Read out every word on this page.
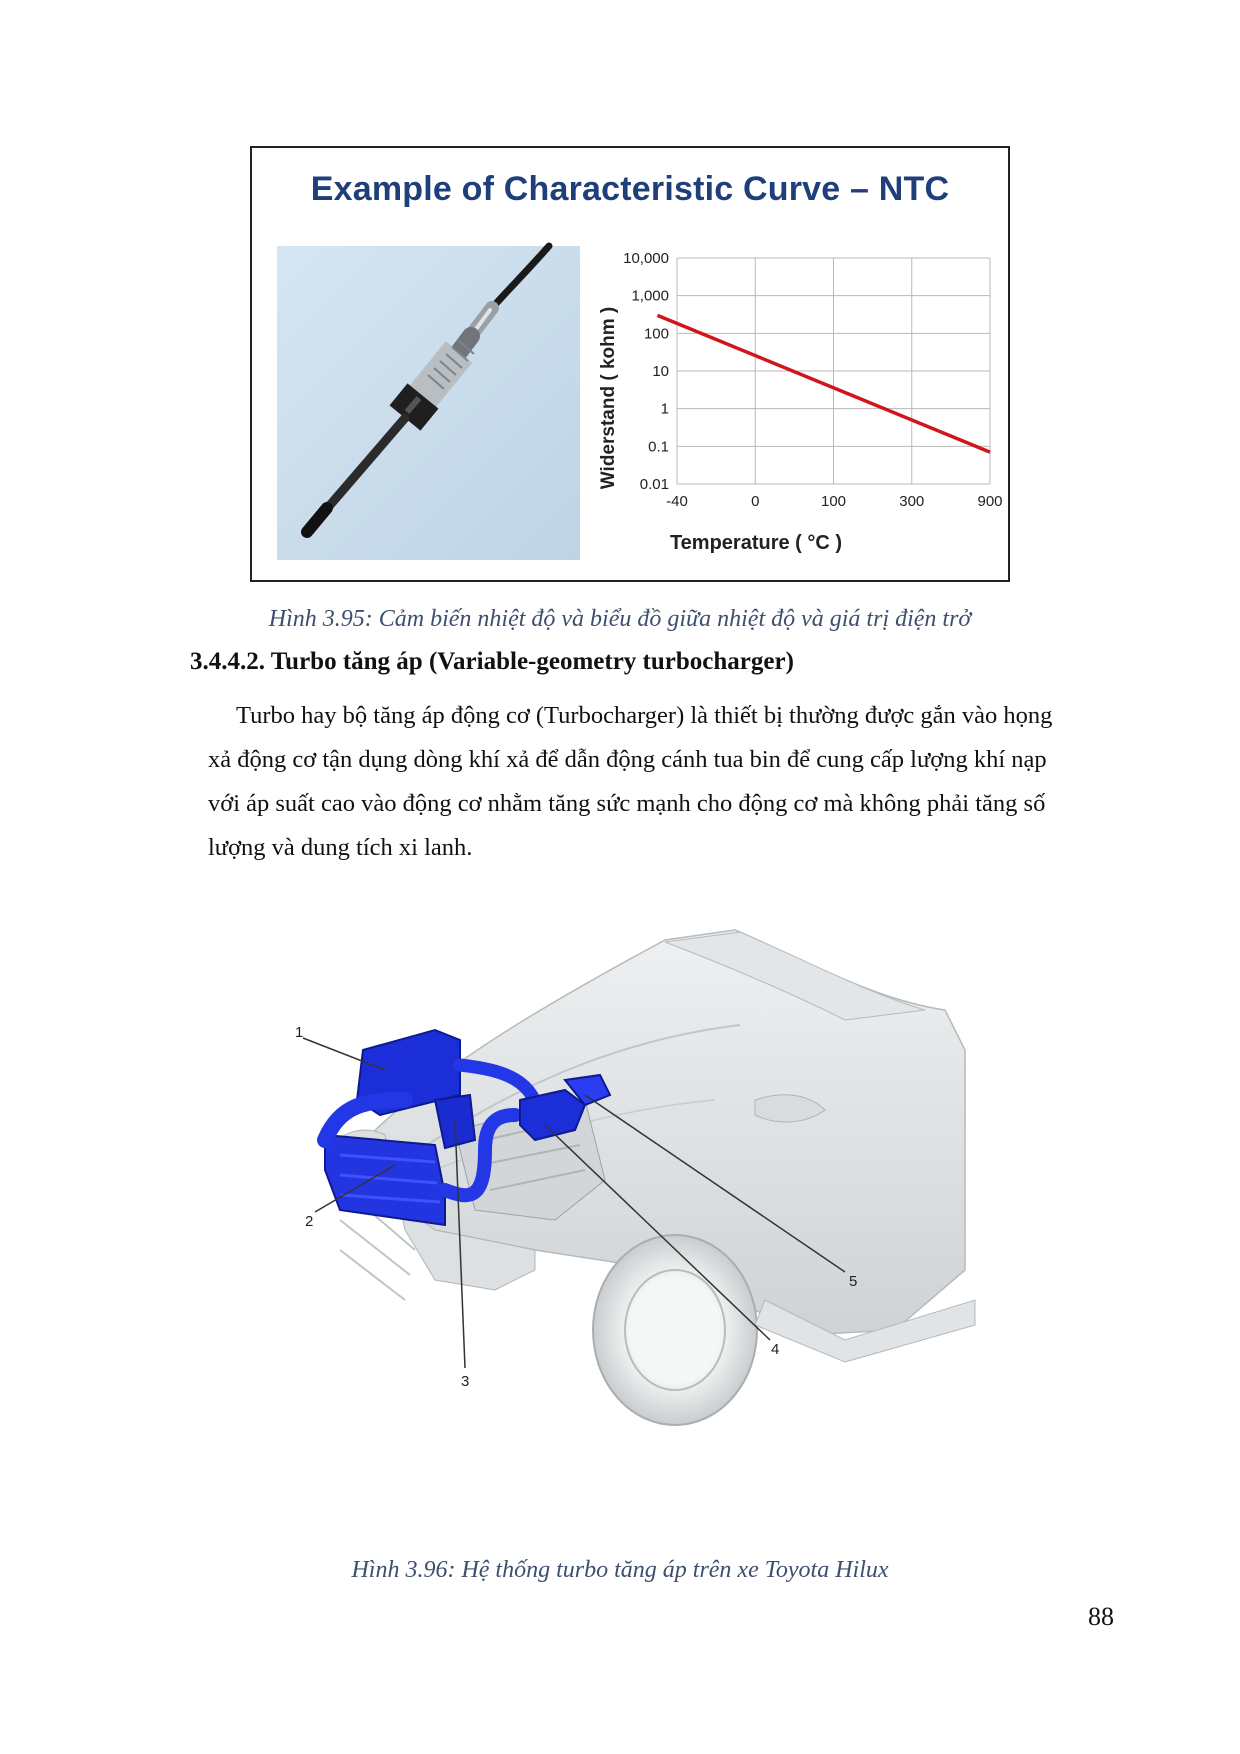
Example of Characteristic Curve – NTC
10,000
1,000
100
10
1
0.1
0.01
-40	0	100	300	900
Widerstand ( kohm )
Temperature ( °C )
Hình 3.95: Cảm biến nhiệt độ và biểu đồ giữa nhiệt độ và giá trị điện trở
3.4.4.2. Turbo tăng áp (Variable-geometry turbocharger)
Turbo hay bộ tăng áp động cơ (Turbocharger) là thiết bị thường được gắn vào họng
xả động cơ tận dụng dòng khí xả để dẫn động cánh tua bin để cung cấp lượng khí nạp
với áp suất cao vào động cơ nhằm tăng sức mạnh cho động cơ mà không phải tăng số
lượng và dung tích xi lanh.
1
2
3
4
5
Hình 3.96: Hệ thống turbo tăng áp trên xe Toyota Hilux
88
